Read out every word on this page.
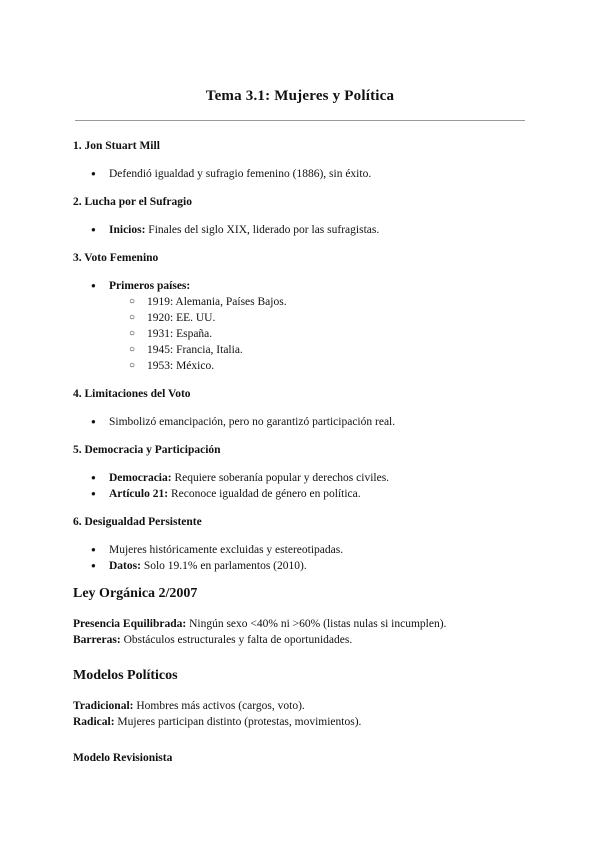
Tema 3.1: Mujeres y Política
1. Jon Stuart Mill
● Defendió igualdad y sufragio femenino (1886), sin éxito.
2. Lucha por el Sufragio
● Inicios: Finales del siglo XIX, liderado por las sufragistas.
3. Voto Femenino
● Primeros países:
○ 1919: Alemania, Países Bajos.
○ 1920: EE. UU.
○ 1931: España.
○ 1945: Francia, Italia.
○ 1953: México.
4. Limitaciones del Voto
● Simbolizó emancipación, pero no garantizó participación real.
5. Democracia y Participación
● Democracia: Requiere soberanía popular y derechos civiles.
● Artículo 21: Reconoce igualdad de género en política.
6. Desigualdad Persistente
● Mujeres históricamente excluidas y estereotipadas.
● Datos: Solo 19.1% en parlamentos (2010).
Ley Orgánica 2/2007

Presencia Equilibrada: Ningún sexo <40% ni >60% (listas nulas si incumplen).

Barreras: Obstáculos estructurales y falta de oportunidades.

Modelos Políticos

Tradicional: Hombres más activos (cargos, voto).

Radical: Mujeres participan distinto (protestas, movimientos).

Modelo Revisionista
